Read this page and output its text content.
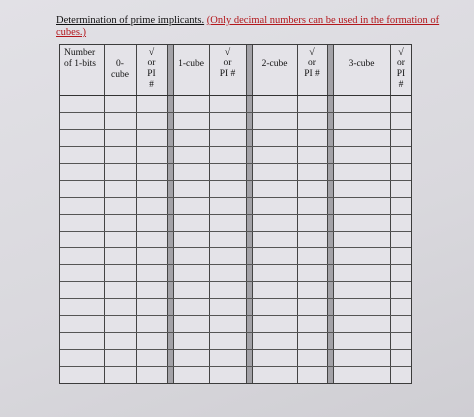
Determination of prime implicants. (Only decimal numbers can be used in the formation of cubes.)
Number
of 1-bits	0-
cube
√
or
PI
#
1-cube
√
or
PI #
2-cube
√
or
PI #
3-cube
√
or
PI
#
